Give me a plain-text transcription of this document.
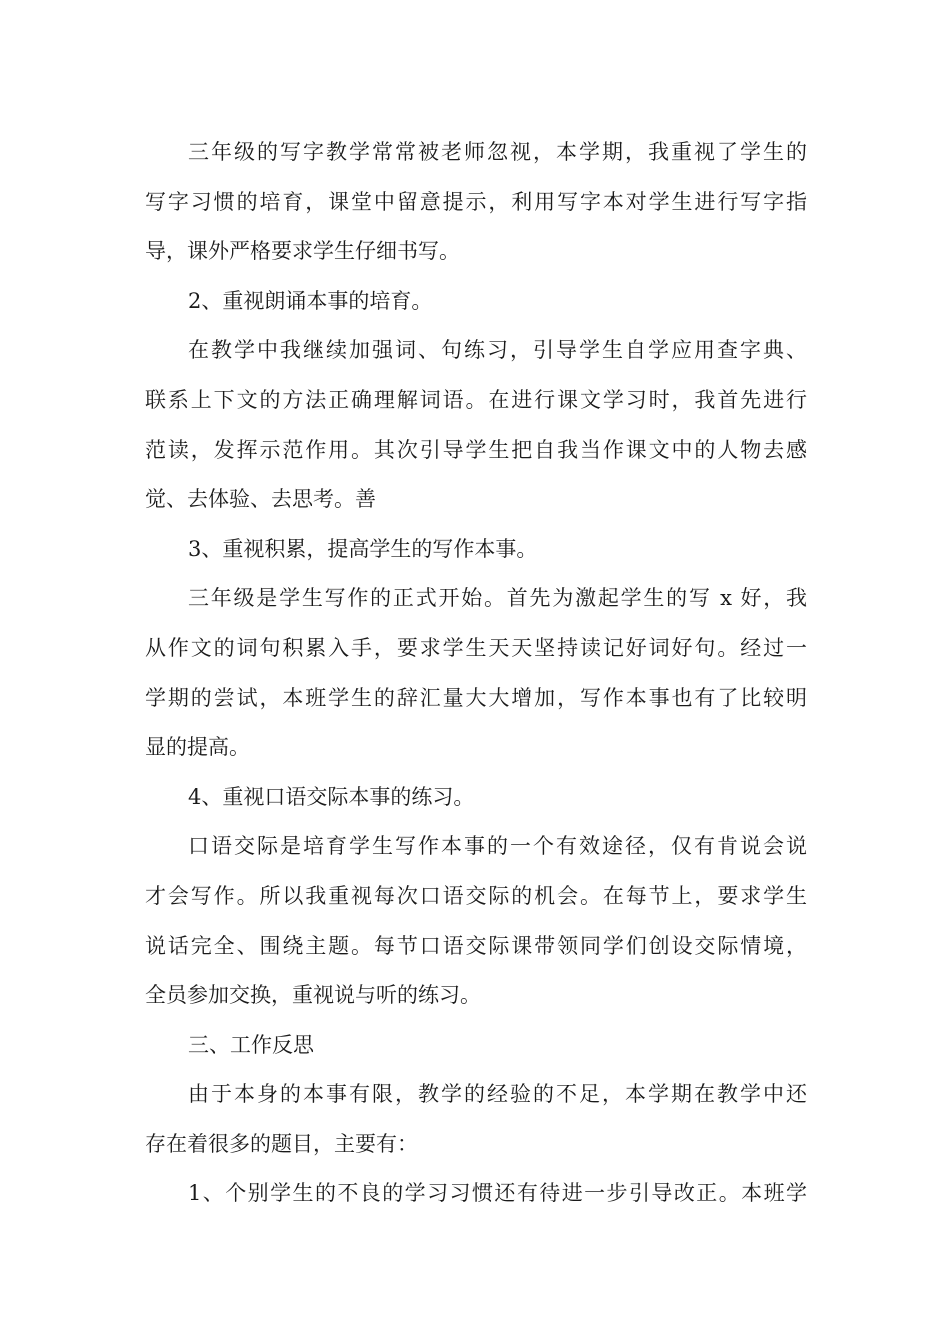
三年级的写字教学常常被老师忽视，本学期，我重视了学生的
写字习惯的培育，课堂中留意提示，利用写字本对学生进行写字指
导，课外严格要求学生仔细书写。

2、重视朗诵本事的培育。

在教学中我继续加强词、句练习，引导学生自学应用查字典、
联系上下文的方法正确理解词语。在进行课文学习时，我首先进行
范读，发挥示范作用。其次引导学生把自我当作课文中的人物去感
觉、去体验、去思考。善

3、重视积累，提高学生的写作本事。

三年级是学生写作的正式开始。首先为激起学生的写 x 好，我
从作文的词句积累入手，要求学生天天坚持读记好词好句。经过一
学期的尝试，本班学生的辞汇量大大增加，写作本事也有了比较明
显的提高。

4、重视口语交际本事的练习。

口语交际是培育学生写作本事的一个有效途径，仅有肯说会说
才会写作。所以我重视每次口语交际的机会。在每节上，要求学生
说话完全、围绕主题。每节口语交际课带领同学们创设交际情境，
全员参加交换，重视说与听的练习。

三、工作反思

由于本身的本事有限，教学的经验的不足，本学期在教学中还
存在着很多的题目，主要有：

1、个别学生的不良的学习习惯还有待进一步引导改正。本班学
